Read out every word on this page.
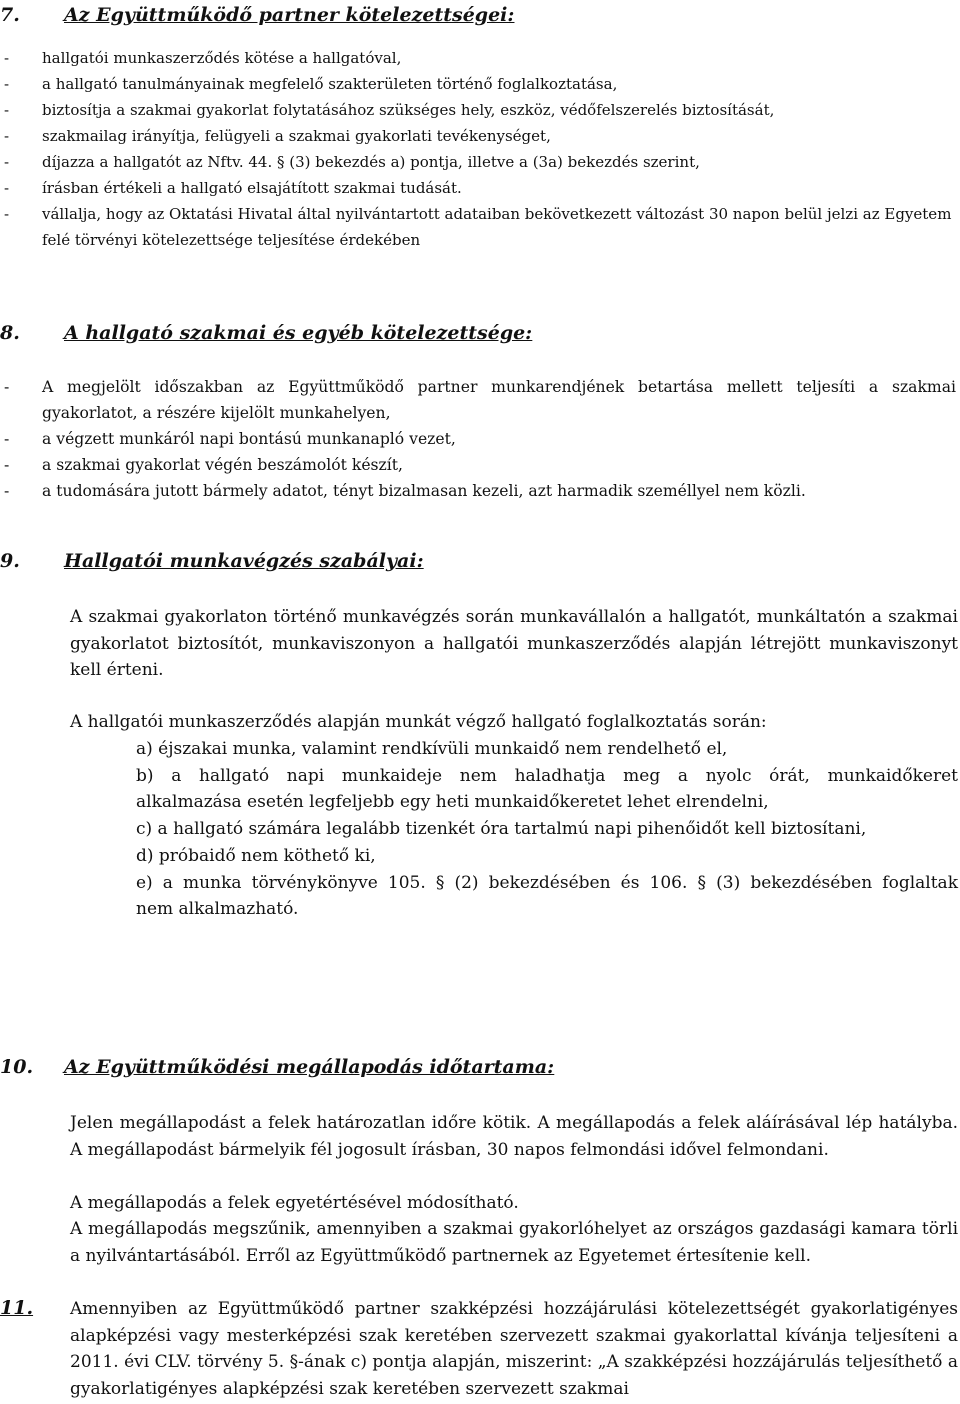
7. Az Együttműködő partner kötelezettségei:
-	hallgatói munkaszerződés kötése a hallgatóval,
-	a hallgató tanulmányainak megfelelő szakterületen történő foglalkoztatása,
-	biztosítja a szakmai gyakorlat folytatásához szükséges hely, eszköz, védőfelszerelés biztosítását,
-	szakmailag irányítja, felügyeli a szakmai gyakorlati tevékenységet,
-	díjazza a hallgatót az Nftv. 44. § (3) bekezdés a) pontja, illetve a (3a) bekezdés szerint,
-	írásban értékeli a hallgató elsajátított szakmai tudását.
-	vállalja, hogy az Oktatási Hivatal által nyilvántartott adataiban bekövetkezett változást 30 napon belül jelzi az Egyetem felé törvényi kötelezettsége teljesítése érdekében
8. A hallgató szakmai és egyéb kötelezettsége:
-	A megjelölt időszakban az Együttműködő partner munkarendjének betartása mellett teljesíti a szakmai gyakorlatot, a részére kijelölt munkahelyen,
-	a végzett munkáról napi bontású munkanapló vezet,
-	a szakmai gyakorlat végén beszámolót készít,
-	a tudomására jutott bármely adatot, tényt bizalmasan kezeli, azt harmadik személlyel nem közli.
9. Hallgatói munkavégzés szabályai:
A szakmai gyakorlaton történő munkavégzés során munkavállalón a hallgatót, munkáltatón a szakmai gyakorlatot biztosítót, munkaviszonyon a hallgatói munkaszerződés alapján létrejött munkaviszonyt kell érteni.
A hallgatói munkaszerződés alapján munkát végző hallgató foglalkoztatás során:
a) éjszakai munka, valamint rendkívüli munkaidő nem rendelhető el,
b) a hallgató napi munkaideje nem haladhatja meg a nyolc órát, munkaidőkeret
alkalmazása esetén legfeljebb egy heti munkaidőkeretet lehet elrendelni,
c) a hallgató számára legalább tizenkét óra tartalmú napi pihenőidőt kell biztosítani,
d) próbaidő nem köthető ki,
e) a munka törvénykönyve 105. § (2) bekezdésében és 106. § (3) bekezdésében foglaltak
nem alkalmazható.
10. Az Együttműködési megállapodás időtartama:
Jelen megállapodást a felek határozatlan időre kötik. A megállapodás a felek aláírásával lép hatályba. A megállapodást bármelyik fél jogosult írásban, 30 napos felmondási idővel felmondani.
A megállapodás a felek egyetértésével módosítható.
A megállapodás megszűnik, amennyiben a szakmai gyakorlóhelyet az országos gazdasági kamara törli a nyilvántartásából. Erről az Együttműködő partnernek az Egyetemet értesítenie kell.
11.	Amennyiben az Együttműködő partner szakképzési hozzájárulási kötelezettségét gyakorlatigényes alapképzési vagy mesterképzési szak keretében szervezett szakmai gyakorlattal kívánja teljesíteni a 2011. évi CLV. törvény 5. §-ának c) pontja alapján, miszerint: „A szakképzési hozzájárulás teljesíthető a gyakorlatigényes alapképzési szak keretében szervezett szakmai
